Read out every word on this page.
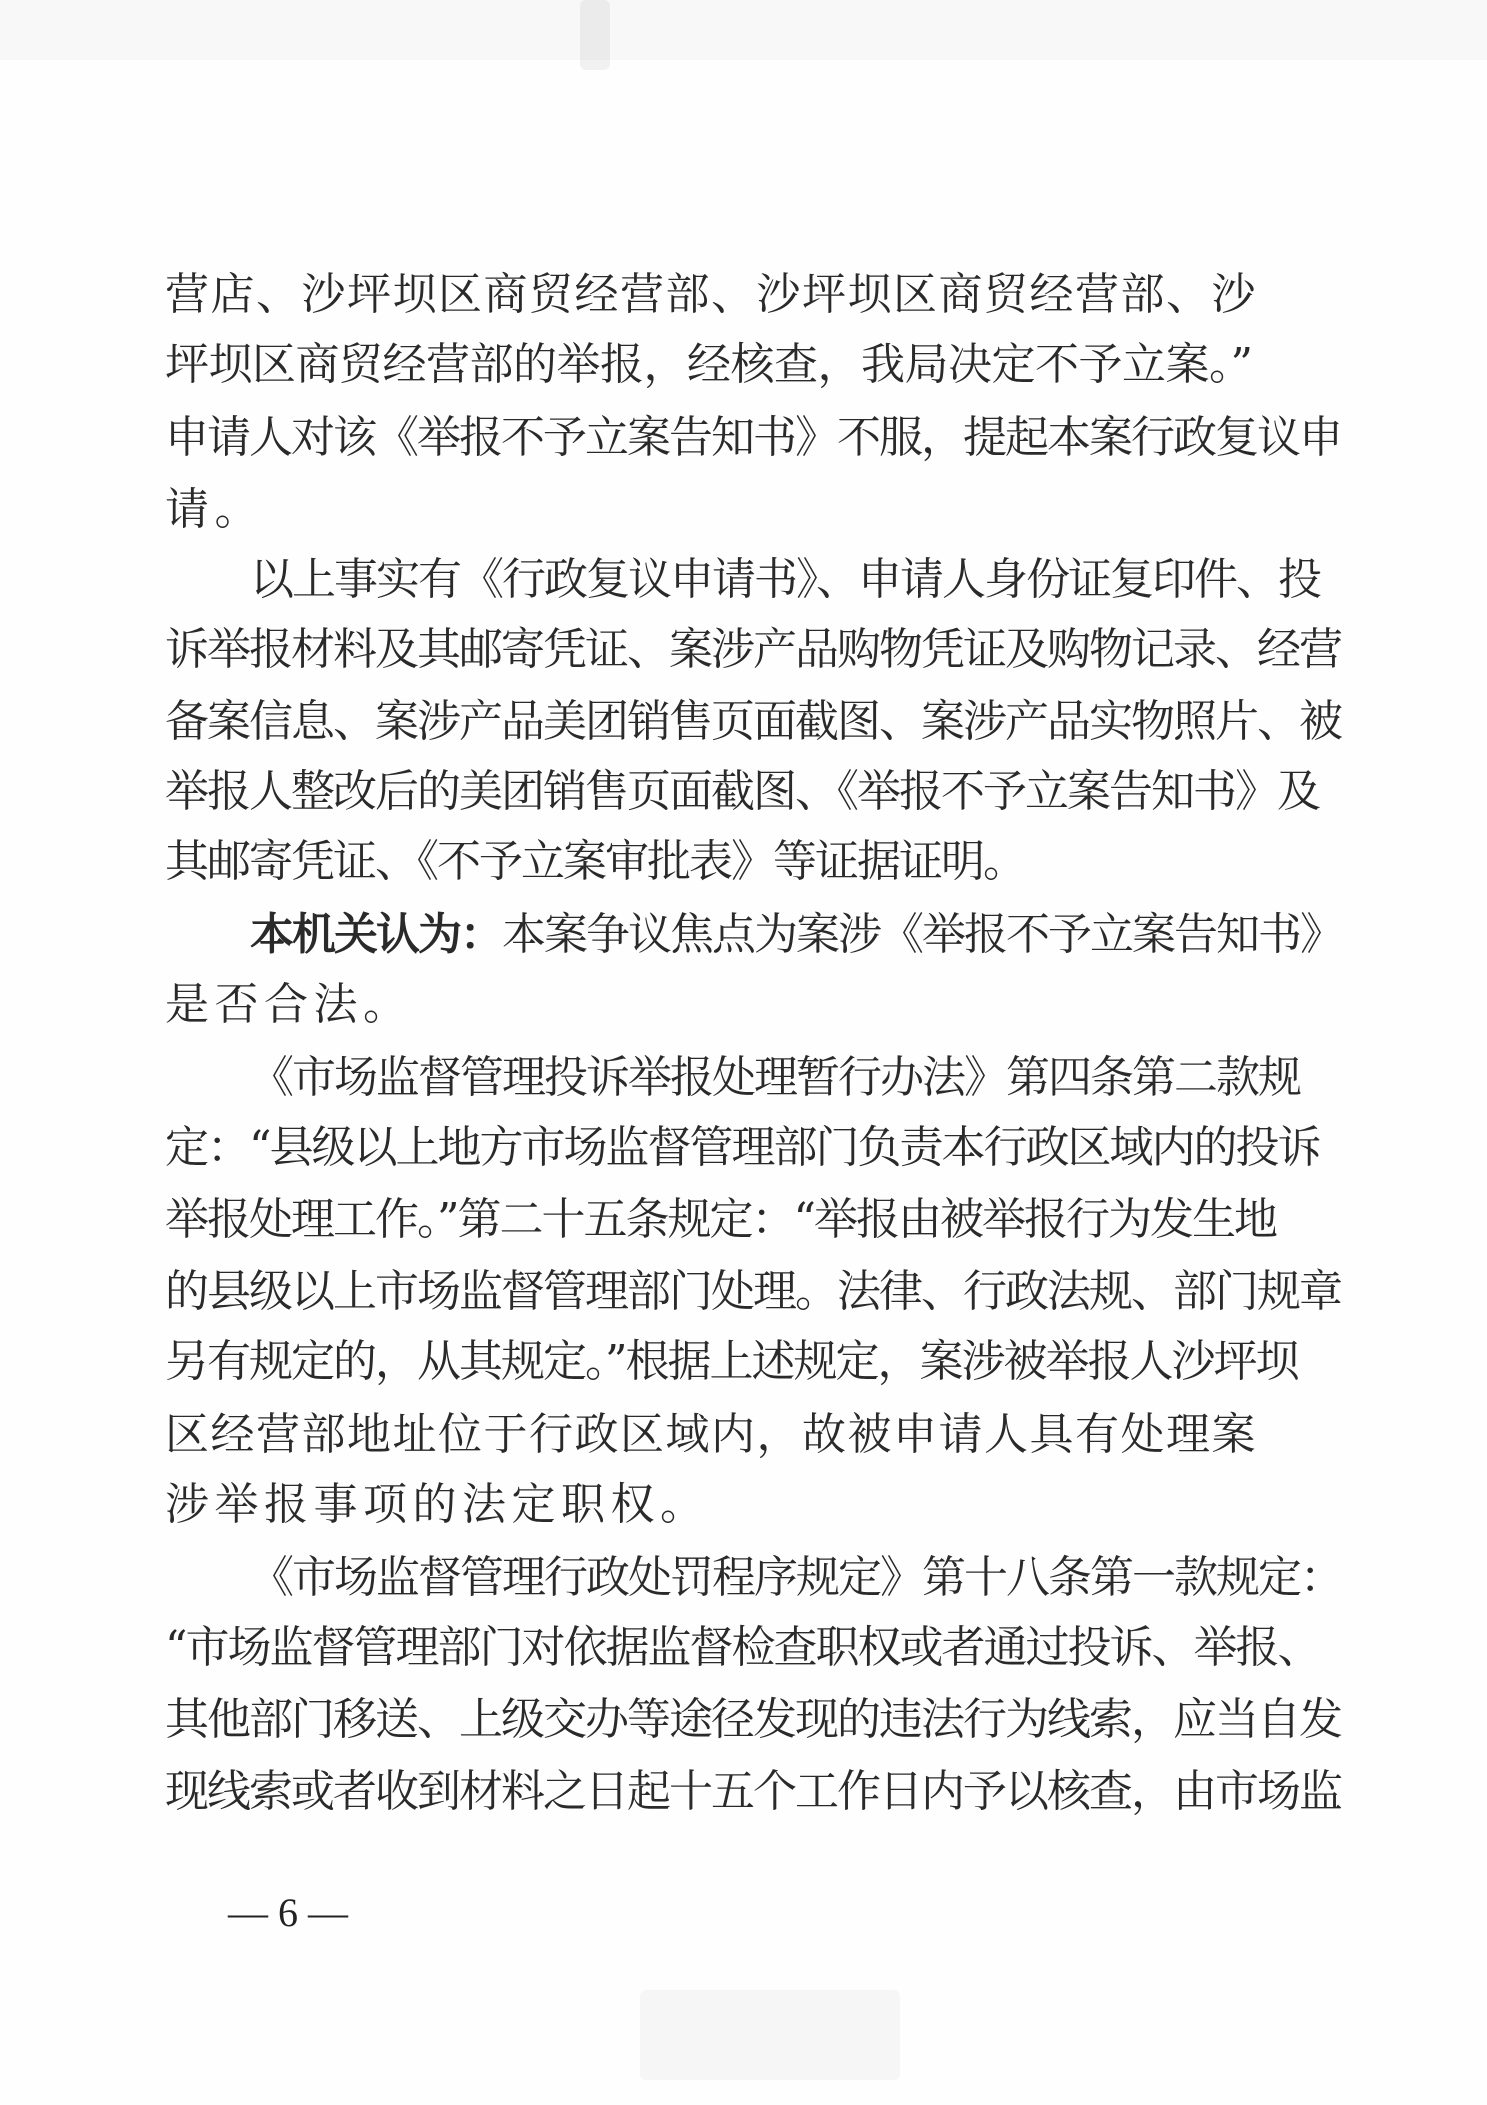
营店、沙坪坝区商贸经营部、沙坪坝区商贸经营部、沙
坪坝区商贸经营部的举报，经核查，我局决定不予立案。”
申请人对该《举报不予立案告知书》不服，提起本案行政复议申
请。
以上事实有《行政复议申请书》、申请人身份证复印件、投
诉举报材料及其邮寄凭证、案涉产品购物凭证及购物记录、经营
备案信息、案涉产品美团销售页面截图、案涉产品实物照片、被
举报人整改后的美团销售页面截图、《举报不予立案告知书》及
其邮寄凭证、《不予立案审批表》等证据证明。
本机关认为：本案争议焦点为案涉《举报不予立案告知书》
是否合法。
《市场监督管理投诉举报处理暂行办法》第四条第二款规
定：“县级以上地方市场监督管理部门负责本行政区域内的投诉
举报处理工作。”第二十五条规定：“举报由被举报行为发生地
的县级以上市场监督管理部门处理。法律、行政法规、部门规章
另有规定的，从其规定。”根据上述规定，案涉被举报人沙坪坝
区经营部地址位于行政区域内，故被申请人具有处理案
涉举报事项的法定职权。
《市场监督管理行政处罚程序规定》第十八条第一款规定：
“市场监督管理部门对依据监督检查职权或者通过投诉、举报、
其他部门移送、上级交办等途径发现的违法行为线索，应当自发
现线索或者收到材料之日起十五个工作日内予以核查，由市场监
— 6 —
